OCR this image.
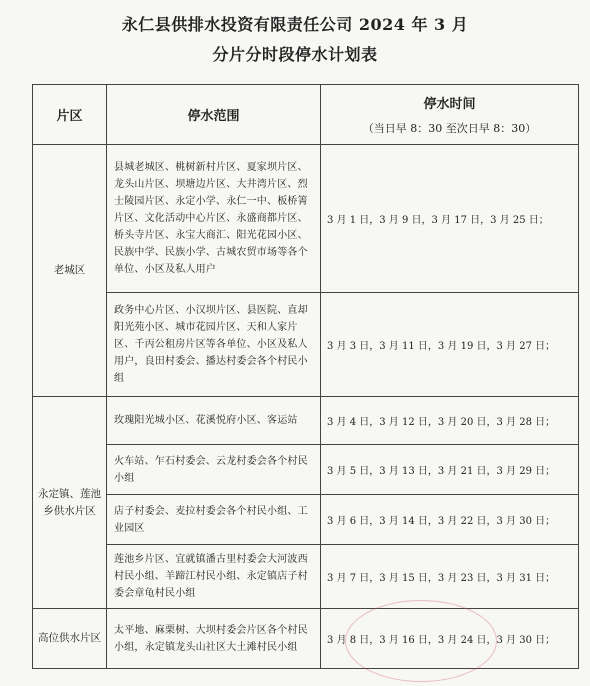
永仁县供排水投资有限责任公司 2024 年 3 月
分片分时段停水计划表
片区	停水范围	停水时间
（当日早 8：30 至次日早 8：30）

老城区	县城老城区、桃树新村片区、夏家坝片区、龙头山片区、坝塘边片区、大井湾片区、烈士陵园片区、永定小学、永仁一中、板桥箐片区、文化活动中心片区、永盛商都片区、桥头寺片区、永宝大商汇、阳光花园小区、民族中学、民族小学、古城农贸市场等各个单位、小区及私人用户	3 月 1 日，3 月 9 日，3 月 17 日，3 月 25 日；
	政务中心片区、小汉坝片区、县医院、直却阳光苑小区、城市花园片区、天和人家片区、千丙公租房片区等各单位、小区及私人用户，良田村委会、播达村委会各个村民小组	3 月 3 日，3 月 11 日，3 月 19 日，3 月 27 日；
永定镇、莲池乡供水片区	玫瑰阳光城小区、花溪悦府小区、客运站	3 月 4 日，3 月 12 日，3 月 20 日，3 月 28 日；
	火车站、乍石村委会、云龙村委会各个村民小组	3 月 5 日，3 月 13 日，3 月 21 日，3 月 29 日；
	店子村委会、麦拉村委会各个村民小组、工业园区	3 月 6 日，3 月 14 日，3 月 22 日，3 月 30 日；
	莲池乡片区、宜就镇潘古里村委会大河波西村民小组、羊蹄江村民小组、永定镇店子村委会章龟村民小组	3 月 7 日，3 月 15 日，3 月 23 日，3 月 31 日；
高位供水片区	太平地、麻栗树、大坝村委会片区各个村民小组，永定镇龙头山社区大土滩村民小组	3 月 8 日，3 月 16 日，3 月 24 日，3 月 30 日；
